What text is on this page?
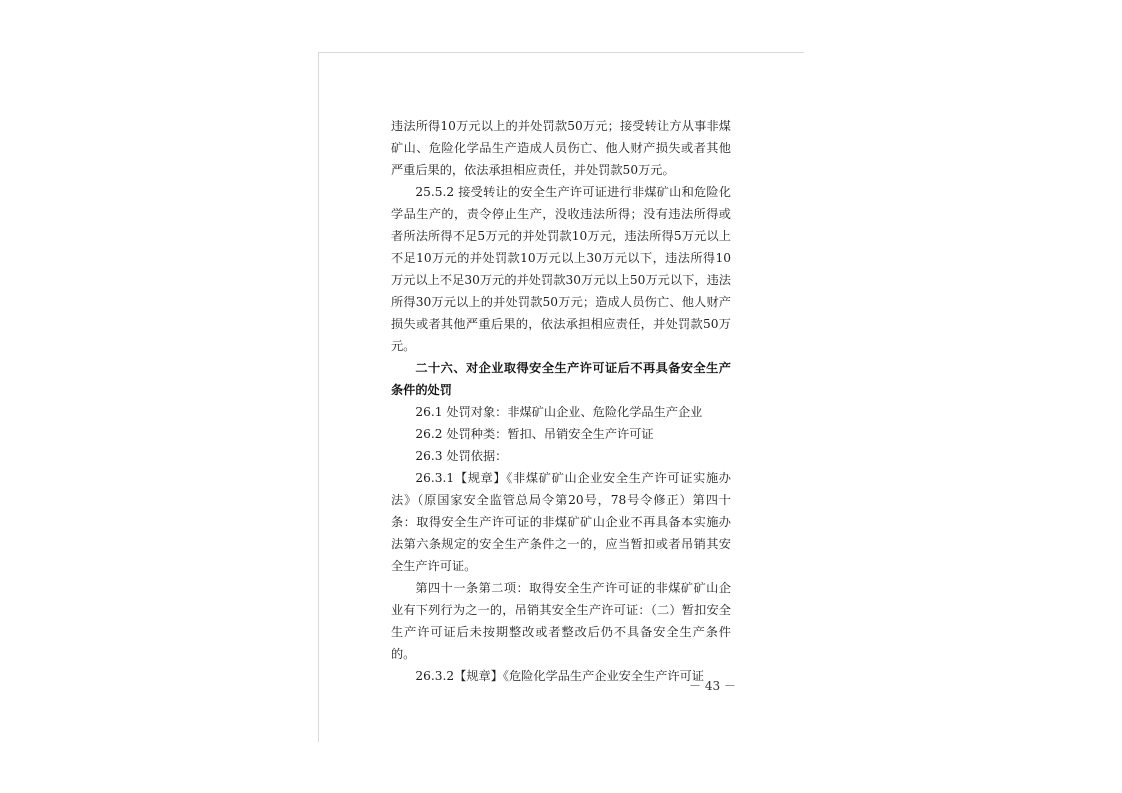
违法所得10万元以上的并处罚款50万元；接受转让方从事非煤矿山、危险化学品生产造成人员伤亡、他人财产损失或者其他严重后果的，依法承担相应责任，并处罚款50万元。

25.5.2 接受转让的安全生产许可证进行非煤矿山和危险化学品生产的，责令停止生产，没收违法所得；没有违法所得或者所法所得不足5万元的并处罚款10万元，违法所得5万元以上不足10万元的并处罚款10万元以上30万元以下，违法所得10万元以上不足30万元的并处罚款30万元以上50万元以下，违法所得30万元以上的并处罚款50万元；造成人员伤亡、他人财产损失或者其他严重后果的，依法承担相应责任，并处罚款50万元。

二十六、对企业取得安全生产许可证后不再具备安全生产条件的处罚

26.1 处罚对象：非煤矿山企业、危险化学品生产企业

26.2 处罚种类：暂扣、吊销安全生产许可证

26.3 处罚依据：

26.3.1【规章】《非煤矿矿山企业安全生产许可证实施办法》（原国家安全监管总局令第20号，78号令修正）第四十条：取得安全生产许可证的非煤矿矿山企业不再具备本实施办法第六条规定的安全生产条件之一的，应当暂扣或者吊销其安全生产许可证。

第四十一条第二项：取得安全生产许可证的非煤矿矿山企业有下列行为之一的，吊销其安全生产许可证：（二）暂扣安全生产许可证后未按期整改或者整改后仍不具备安全生产条件的。

26.3.2【规章】《危险化学品生产企业安全生产许可证

－ 43 －
